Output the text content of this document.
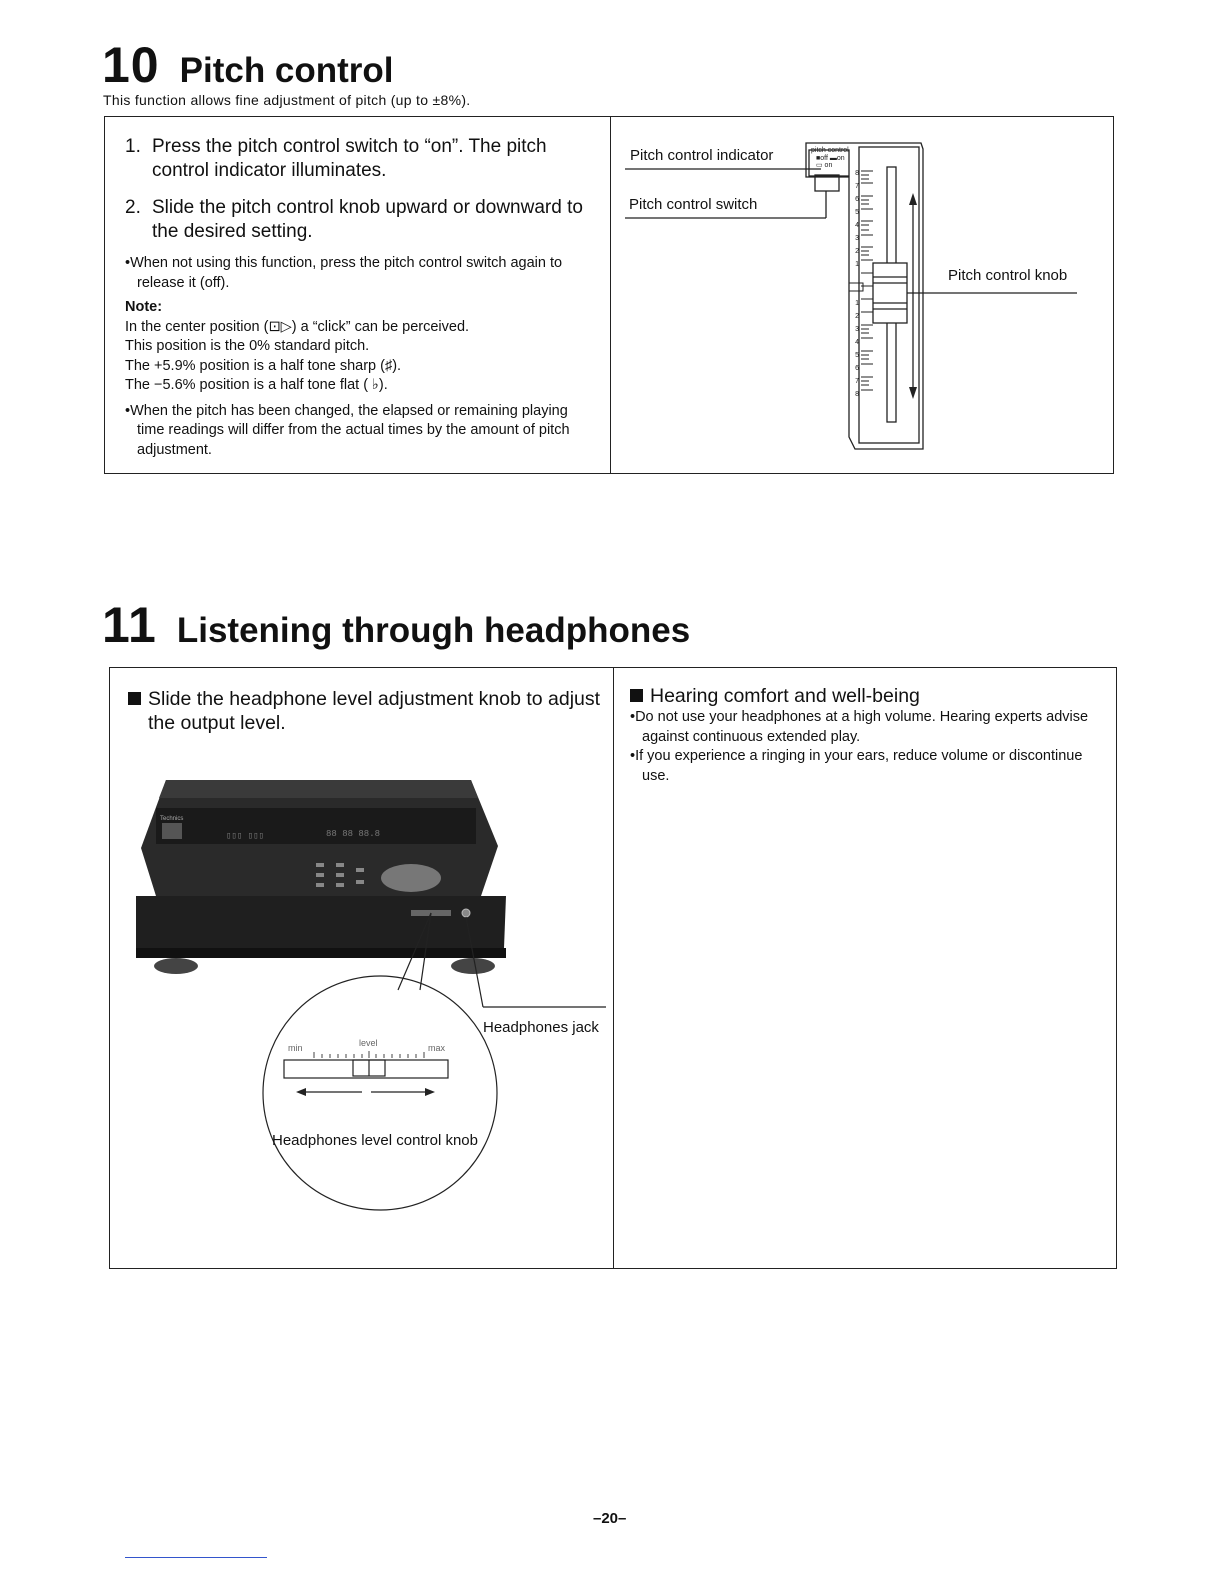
10 Pitch control
This function allows fine adjustment of pitch (up to ±8%).
1. Press the pitch control switch to “on”. The pitch control indicator illuminates.
2. Slide the pitch control knob upward or downward to the desired setting.

•When not using this function, press the pitch control switch again to release it (off).

Note:
In the center position (⊡▷) a “click” can be perceived.
This position is the 0% standard pitch.
The +5.9% position is a half tone sharp (♯).
The −5.6% position is a half tone flat ( ♭).

•When the pitch has been changed, the elapsed or remaining playing time readings will differ from the actual times by the amount of pitch adjustment.

8
7
6
5
4
3
2
1
1
2
3
4
5
6
7
8
pitch control
■off ▬on
▭ on
Pitch control indicator
Pitch control switch
Pitch control knob
11 Listening through headphones
Slide the headphone level adjustment knob to adjust the output level.
▯▯▯ ▯▯▯	88 88 88.8
min	level	max
Technics
Headphones jack
Headphones level control knob
Hearing comfort and well-being

•Do not use your headphones at a high volume. Hearing experts advise against continuous extended play.

•If you experience a ringing in your ears, reduce volume or discontinue use.

–20–
